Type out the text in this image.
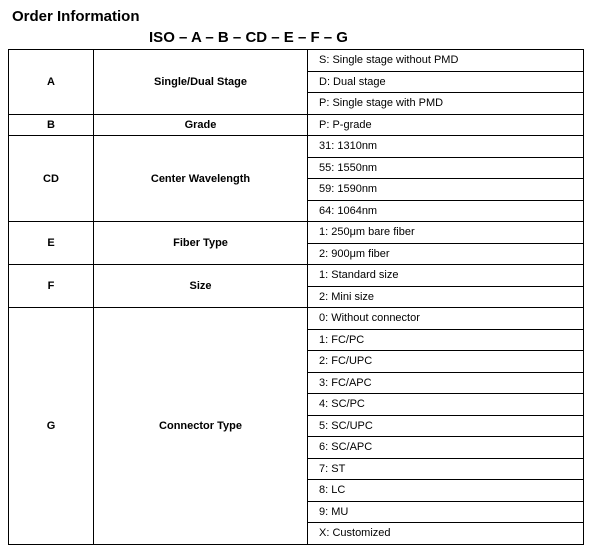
Order Information
ISO – A – B – CD – E – F – G
A	Single/Dual Stage	S: Single stage without PMD
		D: Dual stage
		P: Single stage with PMD
B	Grade	P: P-grade
CD	Center Wavelength	31: 1310nm
		55: 1550nm
		59: 1590nm
		64: 1064nm
E	Fiber Type	1: 250μm bare fiber
		2: 900μm fiber
F	Size	1: Standard size
		2: Mini size
G	Connector Type	0: Without connector
		1: FC/PC
		2: FC/UPC
		3: FC/APC
		4: SC/PC
		5: SC/UPC
		6: SC/APC
		7: ST
		8: LC
		9: MU
		X: Customized
